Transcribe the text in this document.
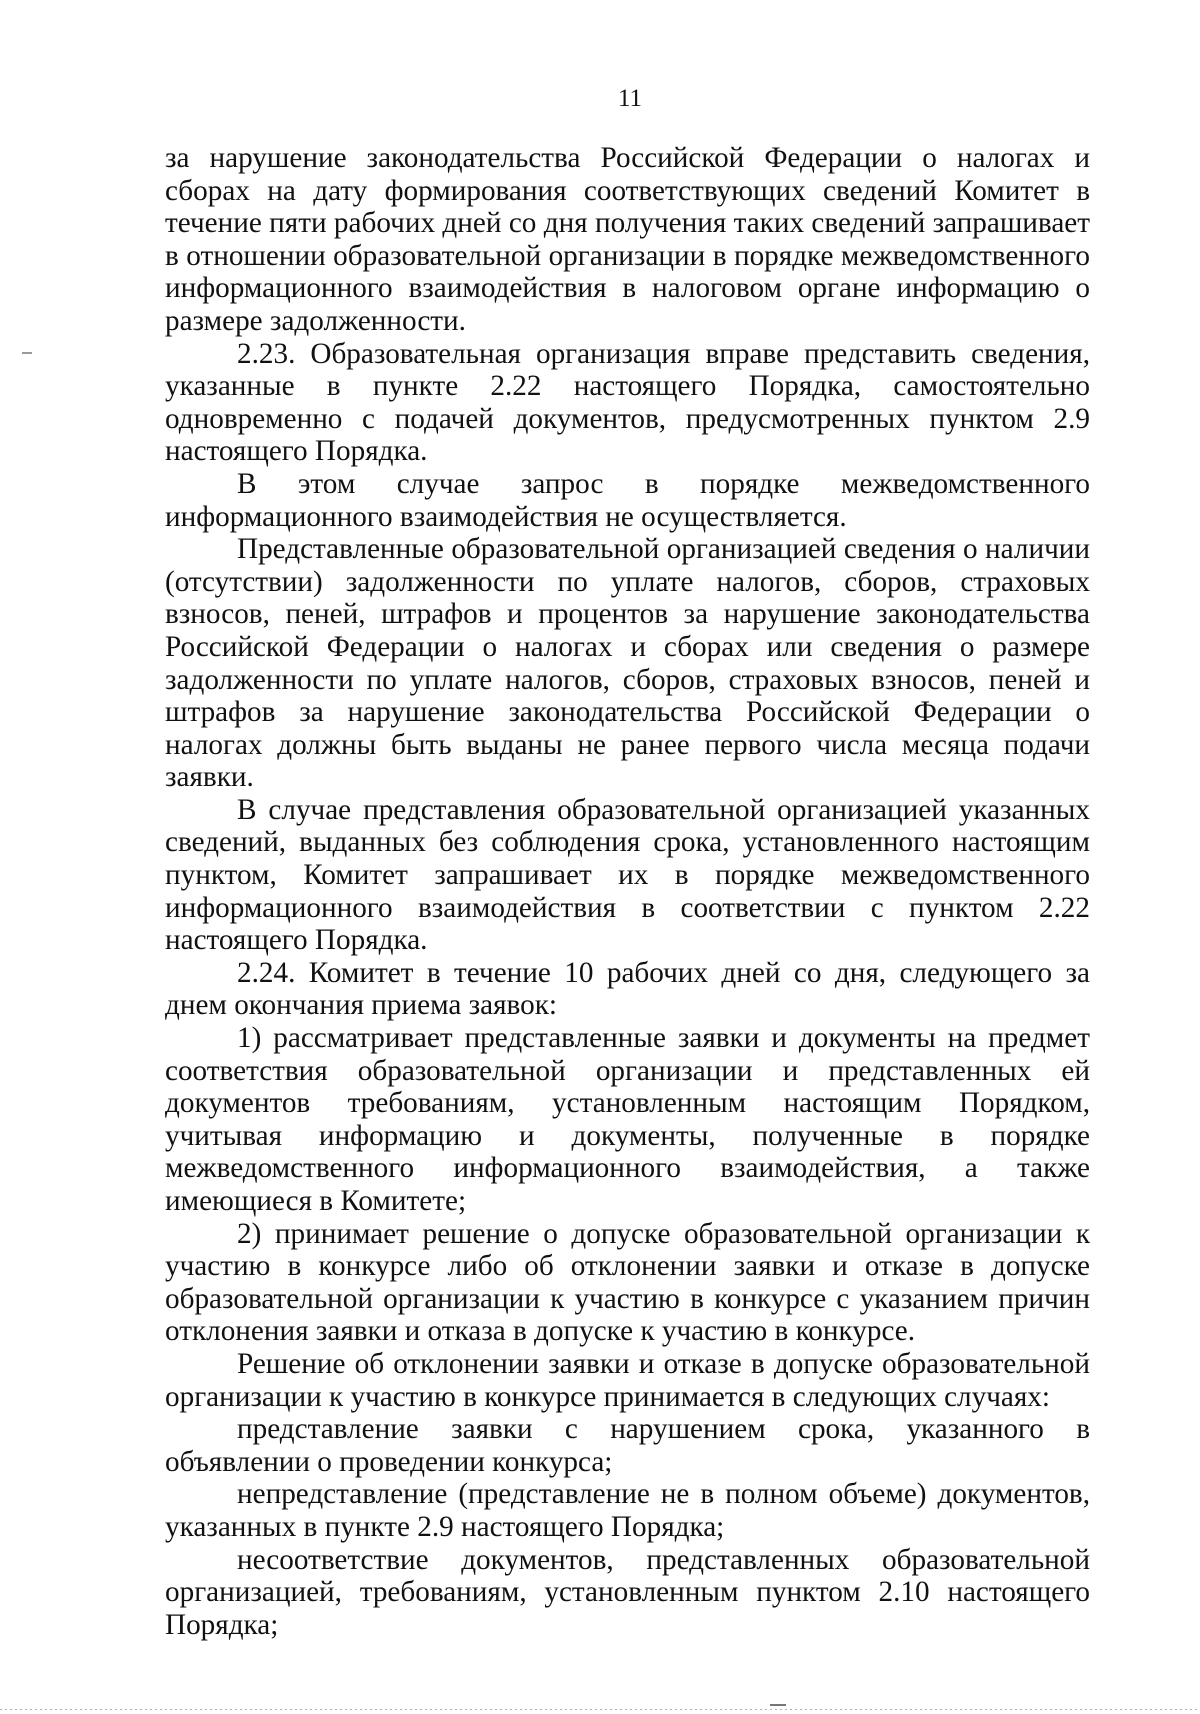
11

за нарушение законодательства Российской Федерации о налогах и сборах на дату формирования соответствующих сведений Комитет в течение пяти рабочих дней со дня получения таких сведений запрашивает в отношении образовательной организации в порядке межведомственного информационного взаимодействия в налоговом органе информацию о размере задолженности.

2.23. Образовательная организация вправе представить сведения, указанные в пункте 2.22 настоящего Порядка, самостоятельно одновременно с подачей документов, предусмотренных пунктом 2.9 настоящего Порядка.

В этом случае запрос в порядке межведомственного информационного взаимодействия не осуществляется.

Представленные образовательной организацией сведения о наличии (отсутствии) задолженности по уплате налогов, сборов, страховых взносов, пеней, штрафов и процентов за нарушение законодательства Российской Федерации о налогах и сборах или сведения о размере задолженности по уплате налогов, сборов, страховых взносов, пеней и штрафов за нарушение законодательства Российской Федерации о налогах должны быть выданы не ранее первого числа месяца подачи заявки.

В случае представления образовательной организацией указанных сведений, выданных без соблюдения срока, установленного настоящим пунктом, Комитет запрашивает их в порядке межведомственного информационного взаимодействия в соответствии с пунктом 2.22 настоящего Порядка.

2.24. Комитет в течение 10 рабочих дней со дня, следующего за днем окончания приема заявок:

1) рассматривает представленные заявки и документы на предмет соответствия образовательной организации и представленных ей документов требованиям, установленным настоящим Порядком, учитывая информацию и документы, полученные в порядке межведомственного информационного взаимодействия, а также имеющиеся в Комитете;

2) принимает решение о допуске образовательной организации к участию в конкурсе либо об отклонении заявки и отказе в допуске образовательной организации к участию в конкурсе с указанием причин отклонения заявки и отказа в допуске к участию в конкурсе.

Решение об отклонении заявки и отказе в допуске образовательной организации к участию в конкурсе принимается в следующих случаях:

представление заявки с нарушением срока, указанного в объявлении о проведении конкурса;

непредставление (представление не в полном объеме) документов, указанных в пункте 2.9 настоящего Порядка;

несоответствие документов, представленных образовательной организацией, требованиям, установленным пунктом 2.10 настоящего Порядка;
